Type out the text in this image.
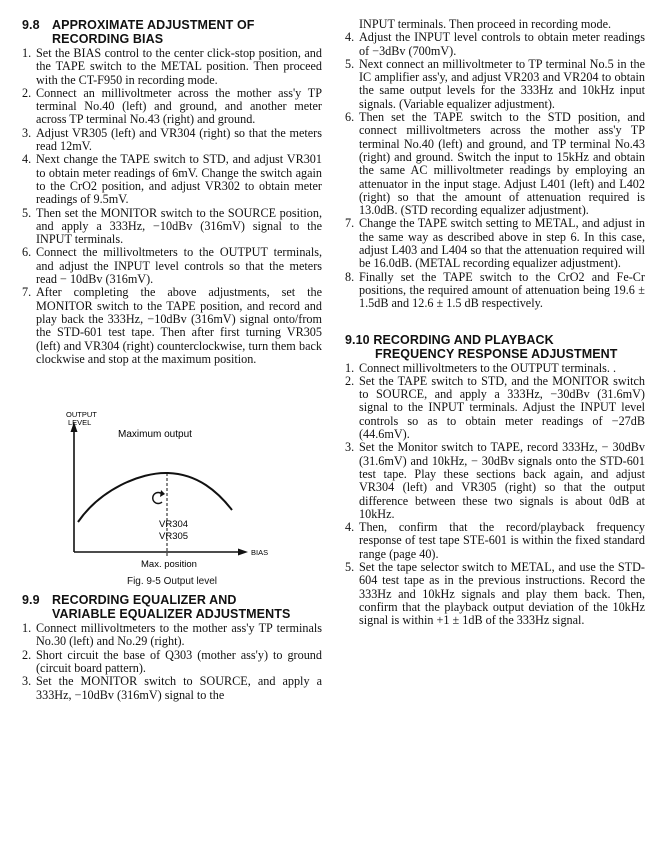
9.8 APPROXIMATE ADJUSTMENT OF
RECORDING BIAS
1. Set the BIAS control to the center click-stop position, and the TAPE switch to the METAL position. Then proceed with the CT-F950 in recording mode.
2. Connect an millivoltmeter across the mother ass'y TP terminal No.40 (left) and ground, and another meter across TP terminal No.43 (right) and ground.
3. Adjust VR305 (left) and VR304 (right) so that the meters read 12mV.
4. Next change the TAPE switch to STD, and adjust VR301 to obtain meter readings of 6mV. Change the switch again to the CrO2 position, and adjust VR302 to obtain meter readings of 9.5mV.
5. Then set the MONITOR switch to the SOURCE position, and apply a 333Hz, −10dBv (316mV) signal to the INPUT terminals.
6. Connect the millivoltmeters to the OUTPUT terminals, and adjust the INPUT level controls so that the meters read − 10dBv (316mV).
7. After completing the above adjustments, set the MONITOR switch to the TAPE position, and record and play back the 333Hz, −10dBv (316mV) signal onto/from the STD-601 test tape. Then after first turning VR305 (left) and VR304 (right) counterclockwise, turn them back clockwise and stop at the maximum position.
OUTPUT
LEVEL
Maximum output
VR304
VR305
BIAS
Max. position
Fig. 9-5 Output level
9.9 RECORDING EQUALIZER AND
VARIABLE EQUALIZER ADJUSTMENTS
1. Connect millivoltmeters to the mother ass'y TP terminals No.30 (left) and No.29 (right).
2. Short circuit the base of Q303 (mother ass'y) to ground (circuit board pattern).
3. Set the MONITOR switch to SOURCE, and apply a 333Hz, −10dBv (316mV) signal to the
INPUT terminals. Then proceed in recording mode.
4. Adjust the INPUT level controls to obtain meter readings of −3dBv (700mV).
5. Next connect an millivoltmeter to TP terminal No.5 in the IC amplifier ass'y, and adjust VR203 and VR204 to obtain the same output levels for the 333Hz and 10kHz input signals. (Variable equalizer adjustment).
6. Then set the TAPE switch to the STD position, and connect millivoltmeters across the mother ass'y TP terminal No.40 (left) and ground, and TP terminal No.43 (right) and ground. Switch the input to 15kHz and obtain the same AC millivoltmeter readings by employing an attenuator in the input stage. Adjust L401 (left) and L402 (right) so that the amount of attenuation required is 13.0dB. (STD recording equalizer adjustment).
7. Change the TAPE switch setting to METAL, and adjust in the same way as described above in step 6. In this case, adjust L403 and L404 so that the attenuation required will be 16.0dB. (METAL recording equalizer adjustment).
8. Finally set the TAPE switch to the CrO2 and Fe-Cr positions, the required amount of attenuation being 19.6 ± 1.5dB and 12.6 ± 1.5 dB respectively.
9.10 RECORDING AND PLAYBACK
FREQUENCY RESPONSE ADJUSTMENT
1. Connect millivoltmeters to the OUTPUT terminals. .
2. Set the TAPE switch to STD, and the MONITOR switch to SOURCE, and apply a 333Hz, −30dBv (31.6mV) signal to the INPUT terminals. Adjust the INPUT level controls so as to obtain meter readings of −27dB (44.6mV).
3. Set the Monitor switch to TAPE, record 333Hz, − 30dBv (31.6mV) and 10kHz, − 30dBv signals onto the STD-601 test tape. Play these sections back again, and adjust VR304 (left) and VR305 (right) so that the output difference between these two signals is about 0dB at 10kHz.
4. Then, confirm that the record/playback frequency response of test tape STE-601 is within the fixed standard range (page 40).
5. Set the tape selector switch to METAL, and use the STD-604 test tape as in the previous instructions. Record the 333Hz and 10kHz signals and play them back. Then, confirm that the playback output deviation of the 10kHz signal is within +1 ± 1dB of the 333Hz signal.
